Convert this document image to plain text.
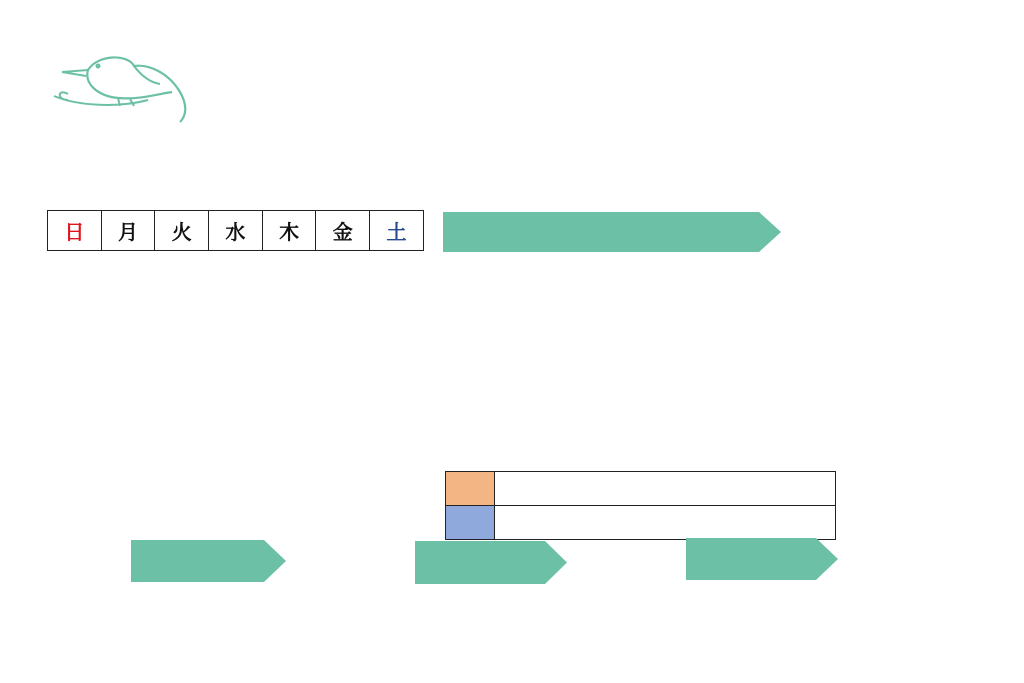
日	月	火	水	木	金	土
